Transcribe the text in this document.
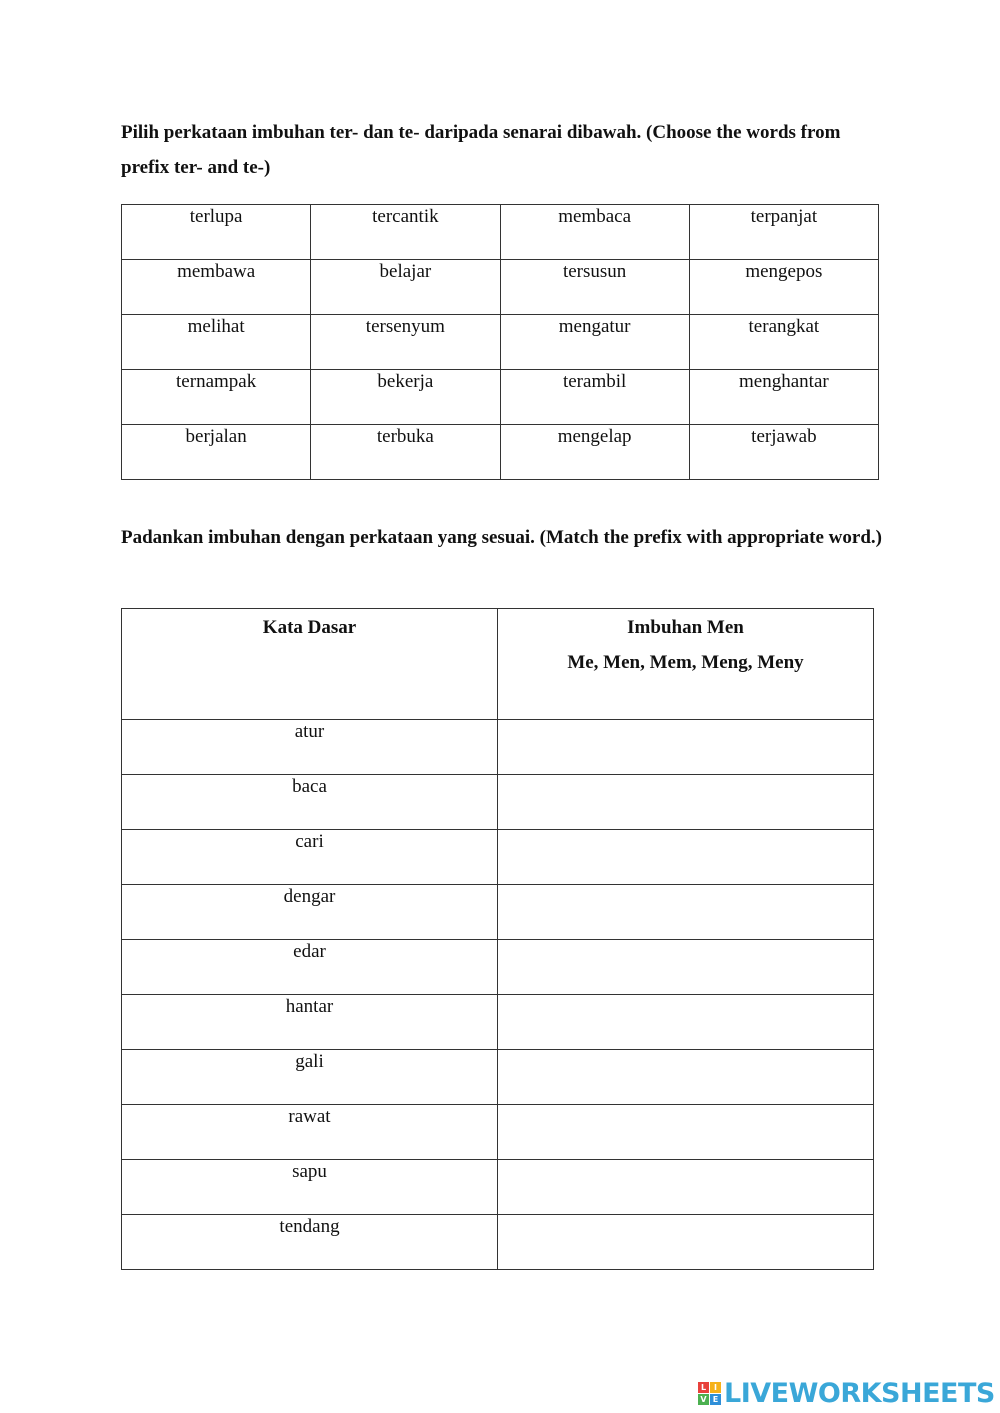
Pilih perkataan imbuhan ter- dan te- daripada senarai dibawah. (Choose the words from prefix ter- and te-)

terlupa	tercantik	membaca	terpanjat
membawa	belajar	tersusun	mengepos
melihat	tersenyum	mengatur	terangkat
ternampak	bekerja	terambil	menghantar
berjalan	terbuka	mengelap	terjawab

Padankan imbuhan dengan perkataan yang sesuai. (Match the prefix with appropriate word.)

Kata Dasar	Imbuhan Men
Me, Men, Mem, Meng, Meny

atur	
baca	
cari	
dengar	
edar	
hantar	
gali	
rawat	
sapu	
tendang	
L I
V E LIVEWORKSHEETS
